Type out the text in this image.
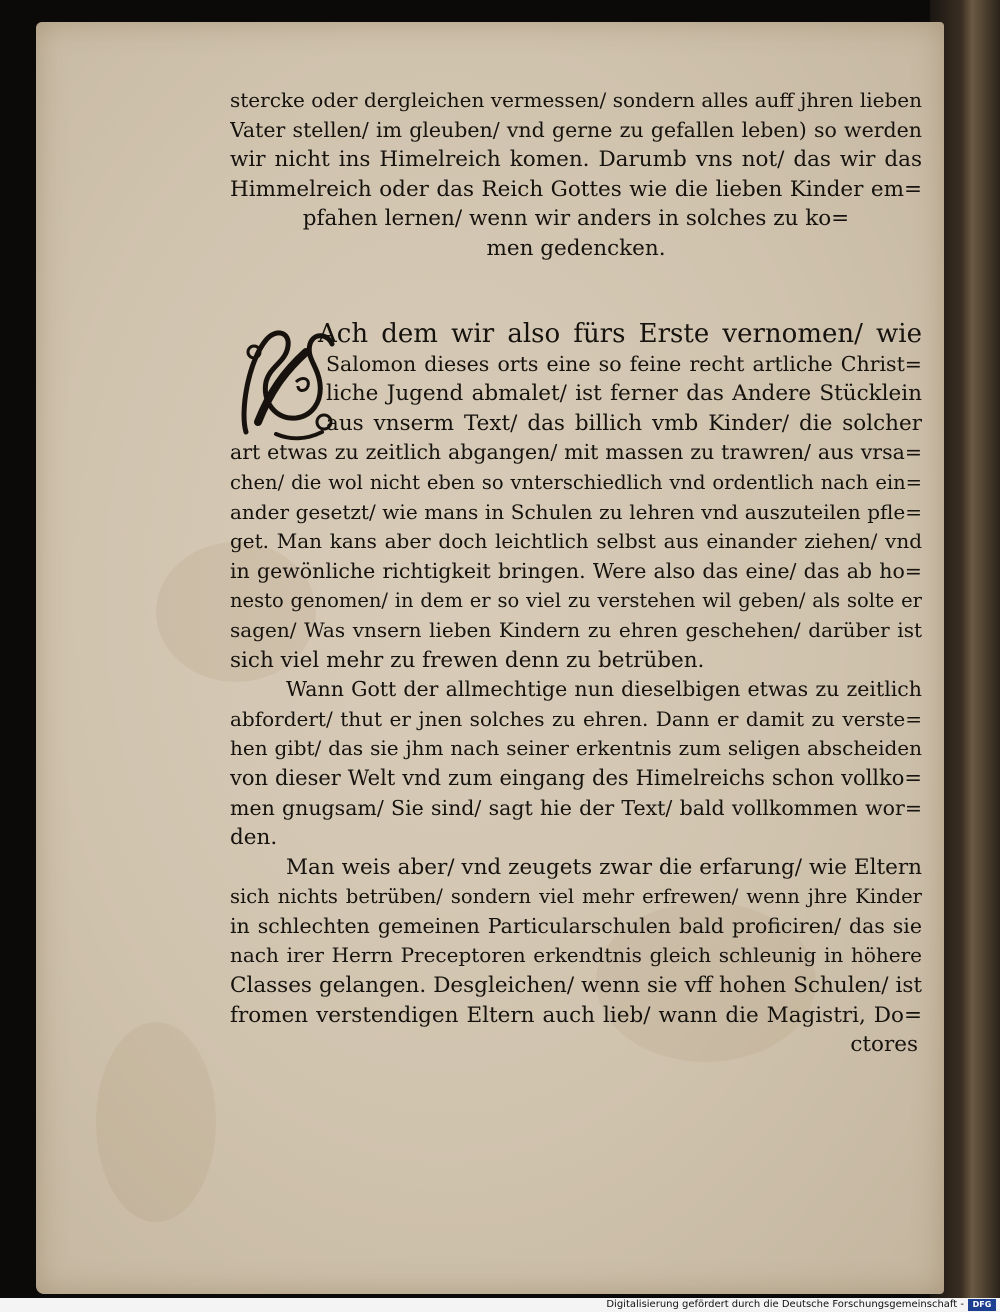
stercke oder dergleichen vermessen/ sondern alles auff jhren lieben
Vater stellen/ im gleuben/ vnd gerne zu gefallen leben) so werden
wir nicht ins Himelreich komen. Darumb vns not/ das wir das
Himmelreich oder das Reich Gottes wie die lieben Kinder em=
pfahen lernen/ wenn wir anders in solches zu ko=
men gedencken.
Ach dem wir also fürs Erste vernomen/ wie
Salomon dieses orts eine so feine recht artliche Christ=
liche Jugend abmalet/ ist ferner das Andere Stücklein
aus vnserm Text/ das billich vmb Kinder/ die solcher
art etwas zu zeitlich abgangen/ mit massen zu trawren/ aus vrsa=
chen/ die wol nicht eben so vnterschiedlich vnd ordentlich nach ein=
ander gesetzt/ wie mans in Schulen zu lehren vnd auszuteilen pfle=
get. Man kans aber doch leichtlich selbst aus einander ziehen/ vnd
in gewönliche richtigkeit bringen. Were also das eine/ das ab ho=
nesto genomen/ in dem er so viel zu verstehen wil geben/ als solte er
sagen/ Was vnsern lieben Kindern zu ehren geschehen/ darüber ist
sich viel mehr zu frewen denn zu betrüben.
Wann Gott der allmechtige nun dieselbigen etwas zu zeitlich
abfordert/ thut er jnen solches zu ehren. Dann er damit zu verste=
hen gibt/ das sie jhm nach seiner erkentnis zum seligen abscheiden
von dieser Welt vnd zum eingang des Himelreichs schon vollko=
men gnugsam/ Sie sind/ sagt hie der Text/ bald vollkommen wor=
den.
Man weis aber/ vnd zeugets zwar die erfarung/ wie Eltern
sich nichts betrüben/ sondern viel mehr erfrewen/ wenn jhre Kinder
in schlechten gemeinen Particularschulen bald proficiren/ das sie
nach irer Herrn Preceptoren erkendtnis gleich schleunig in höhere
Classes gelangen. Desgleichen/ wenn sie vff hohen Schulen/ ist
fromen verstendigen Eltern auch lieb/ wann die Magistri, Do=
ctores
Digitalisierung gefördert durch die Deutsche Forschungsgemeinschaft -	DFG
